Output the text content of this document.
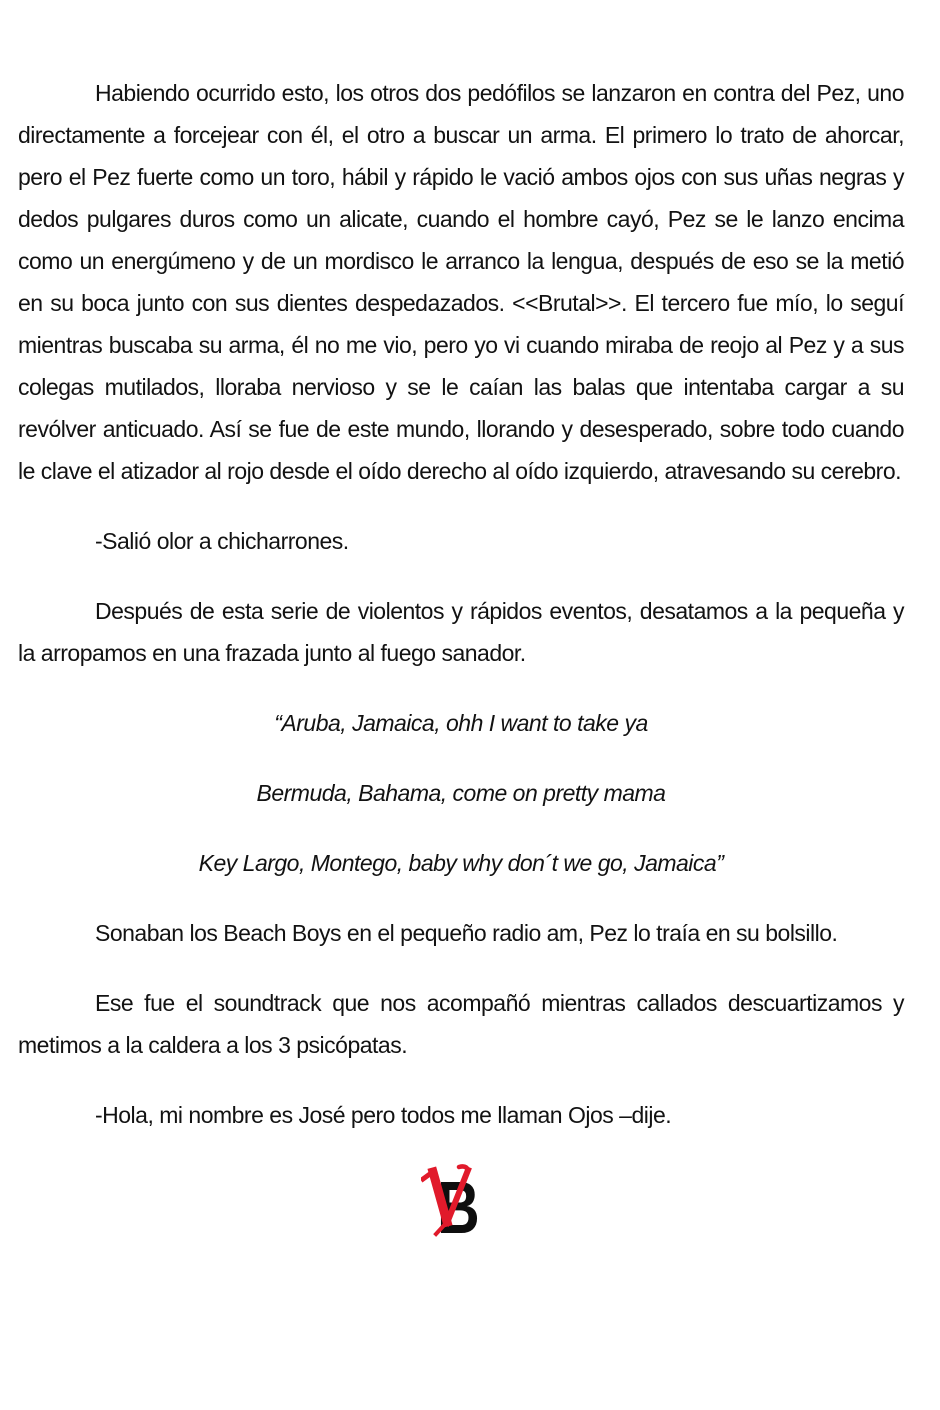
Habiendo ocurrido esto, los otros dos pedófilos se lanzaron en contra del Pez, uno directamente a forcejear con él, el otro a buscar un arma. El primero lo trato de ahorcar, pero el Pez fuerte como un toro, hábil y rápido le vació ambos ojos con sus uñas negras y dedos pulgares duros como un alicate, cuando el hombre cayó, Pez se le lanzo encima como un energúmeno y de un mordisco le arranco la lengua, después de eso se la metió en su boca junto con sus dientes despedazados. <<Brutal>>. El tercero fue mío, lo seguí mientras buscaba su arma, él no me vio, pero yo vi cuando miraba de reojo al Pez y a sus colegas mutilados, lloraba nervioso y se le caían las balas que intentaba cargar a su revólver anticuado. Así se fue de este mundo, llorando y desesperado, sobre todo cuando le clave el atizador al rojo desde el oído derecho al oído izquierdo, atravesando su cerebro.

-Salió olor a chicharrones.

Después de esta serie de violentos y rápidos eventos, desatamos a la pequeña y la arropamos en una frazada junto al fuego sanador.

“Aruba, Jamaica, ohh I want to take ya

Bermuda, Bahama, come on pretty mama

Key Largo, Montego, baby why don´t we go, Jamaica”

Sonaban los Beach Boys en el pequeño radio am, Pez lo traía en su bolsillo.

Ese fue el soundtrack que nos acompañó mientras callados descuartizamos y metimos a la caldera a los 3 psicópatas.

-Hola, mi nombre es José pero todos me llaman Ojos –dije.

B
